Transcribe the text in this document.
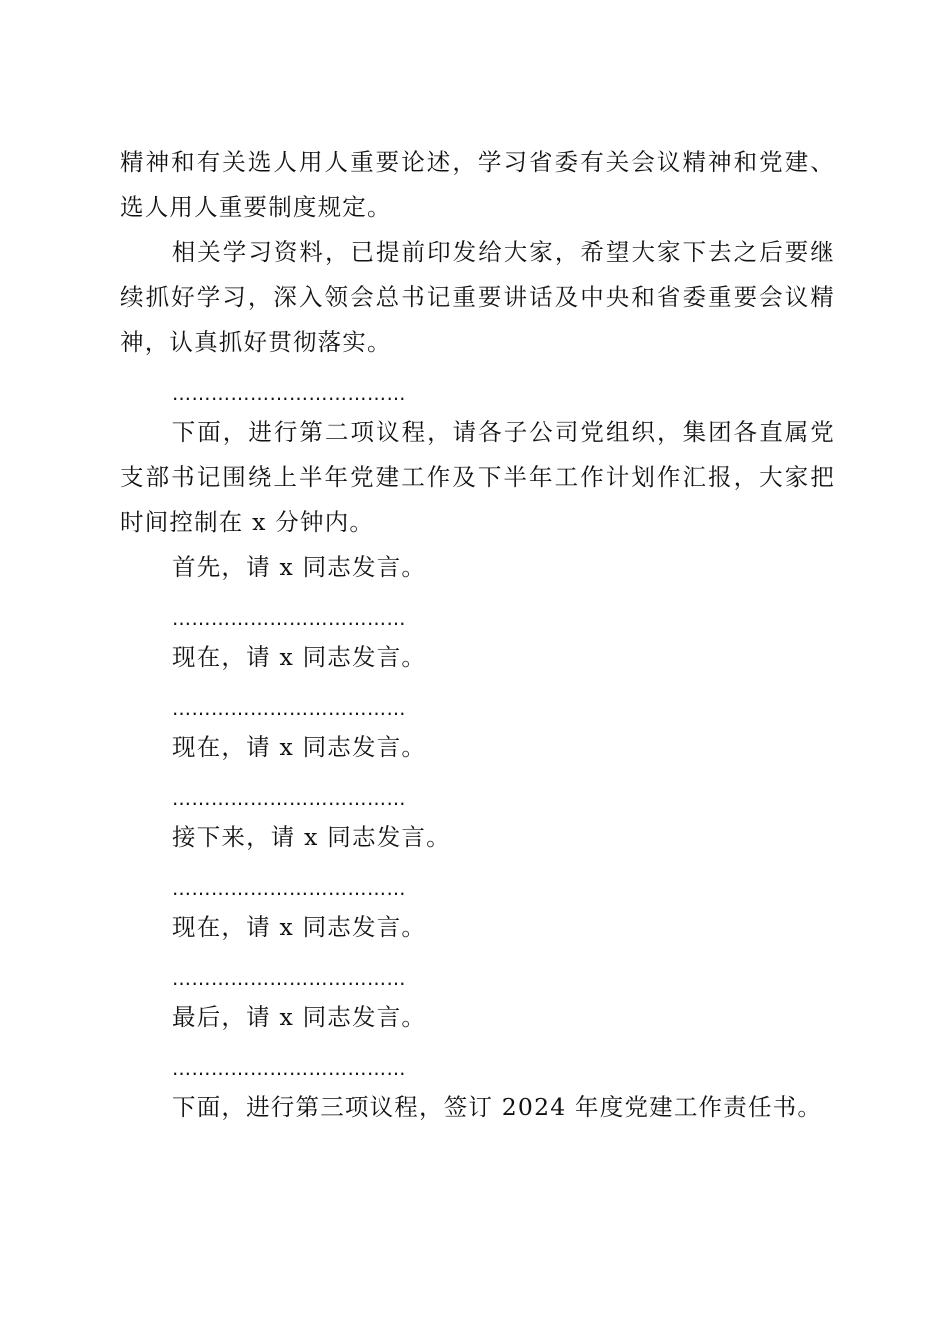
精神和有关选人用人重要论述，学习省委有关会议精神和党建、选人用人重要制度规定。

相关学习资料，已提前印发给大家，希望大家下去之后要继续抓好学习，深入领会总书记重要讲话及中央和省委重要会议精神，认真抓好贯彻落实。

………………………………

下面，进行第二项议程，请各子公司党组织，集团各直属党支部书记围绕上半年党建工作及下半年工作计划作汇报，大家把时间控制在 x 分钟内。

首先，请 x 同志发言。

………………………………

现在，请 x 同志发言。

………………………………

现在，请 x 同志发言。

………………………………

接下来，请 x 同志发言。

………………………………

现在，请 x 同志发言。

………………………………

最后，请 x 同志发言。

………………………………

下面，进行第三项议程，签订 2024 年度党建工作责任书。
